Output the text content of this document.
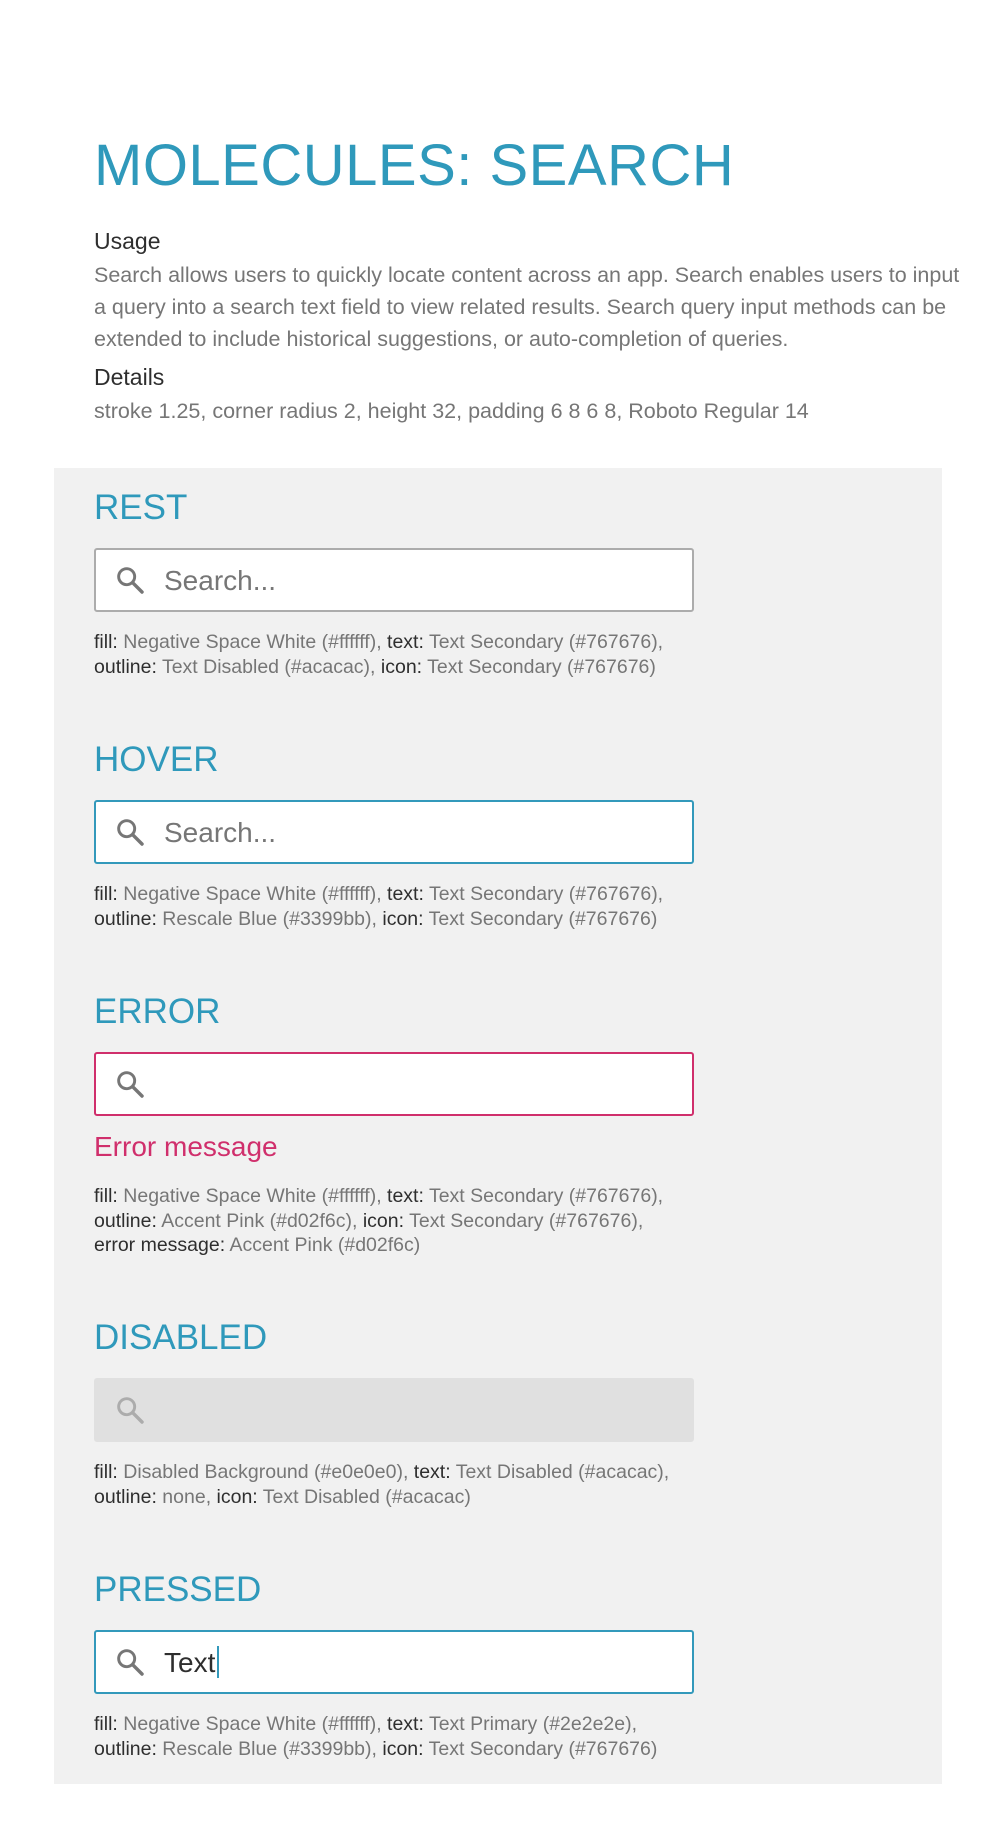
MOLECULES: SEARCH
Usage
Search allows users to quickly locate content across an app. Search enables users to input a query into a search text field to view related results. Search query input methods can be extended to include historical suggestions, or auto-completion of queries.
Details
stroke 1.25, corner radius 2, height 32, padding 6 8 6 8, Roboto Regular 14
REST
Search...
fill: Negative Space White (#ffffff), text: Text Secondary (#767676),
outline: Text Disabled (#acacac), icon: Text Secondary (#767676)
HOVER
Search...
fill: Negative Space White (#ffffff), text: Text Secondary (#767676),
outline: Rescale Blue (#3399bb), icon: Text Secondary (#767676)
ERROR
Error message
fill: Negative Space White (#ffffff), text: Text Secondary (#767676),
outline: Accent Pink (#d02f6c), icon: Text Secondary (#767676),
error message: Accent Pink (#d02f6c)
DISABLED
fill: Disabled Background (#e0e0e0), text: Text Disabled (#acacac),
outline: none, icon: Text Disabled (#acacac)
PRESSED
Text
fill: Negative Space White (#ffffff), text: Text Primary (#2e2e2e),
outline: Rescale Blue (#3399bb), icon: Text Secondary (#767676)
